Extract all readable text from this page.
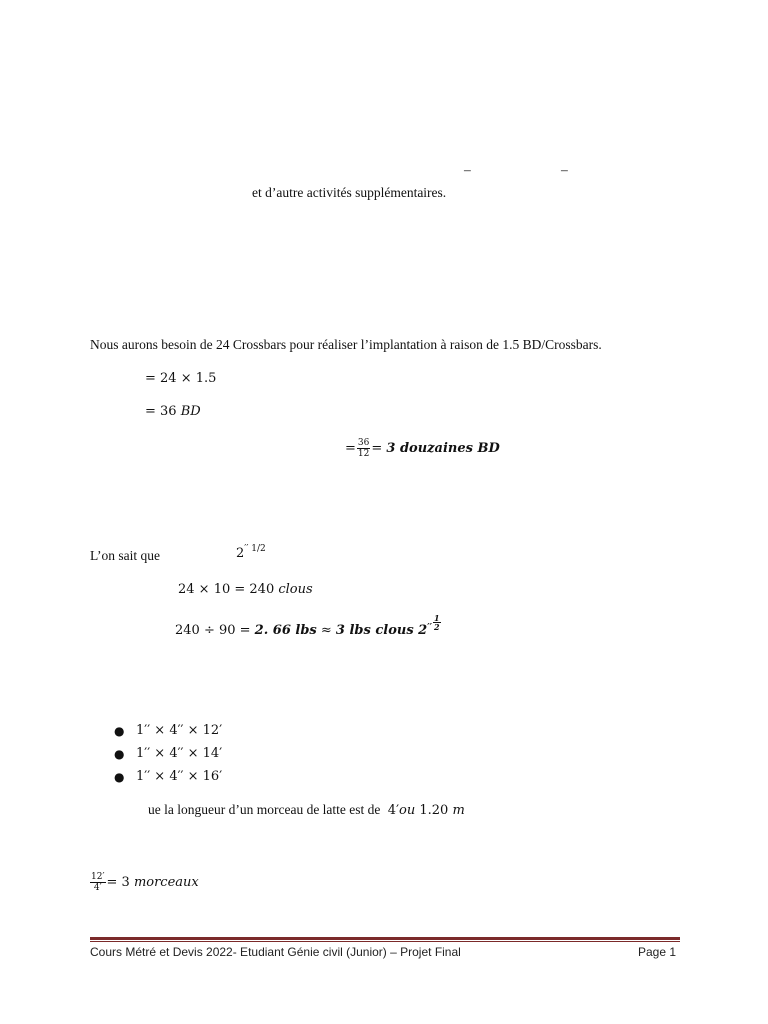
–	–
et d’autre activités supplémentaires.
Nous aurons besoin de 24 Crossbars pour réaliser l’implantation à raison de 1.5 BD/Crossbars.
= 24 × 1.5
= 36 BD
= $\frac{36}{12} = 3$ douzaines BD
L’on sait que	$2^{'' 1/2}$
24 × 10 = 240 clous
240 ÷ 90 = 2. 66 lbs ≈ 3 lbs clous $2'' \frac{1}{2}$
● 1′′ × 4′′ × 12′
● 1′′ × 4′′ × 14′
● 1′′ × 4′′ × 16′
ue la longueur d’un morceau de latte est de 4′ou 1.20 m
$\frac{12'}{4'} = 3$ morceaux
Cours Métré et Devis 2022- Etudiant Génie civil (Junior) – Projet Final	Page 1
